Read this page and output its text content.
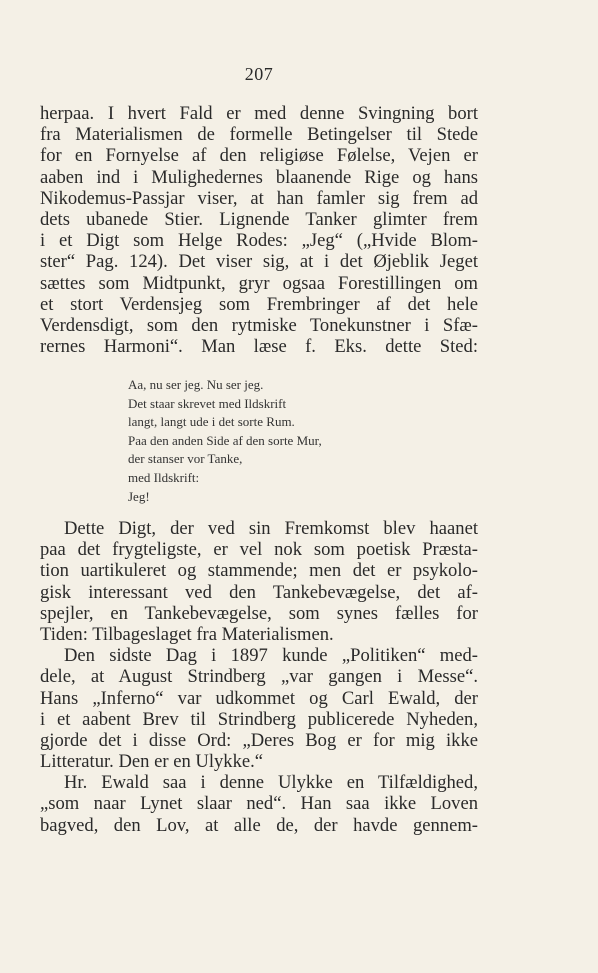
207
herpaa. I hvert Fald er med denne Svingning bort
fra Materialismen de formelle Betingelser til Stede
for en Fornyelse af den religiøse Følelse, Vejen er
aaben ind i Mulighedernes blaanende Rige og hans
Nikodemus-Passjar viser, at han famler sig frem ad
dets ubanede Stier. Lignende Tanker glimter frem
i et Digt som Helge Rodes: „Jeg“ („Hvide Blom-
ster“ Pag. 124). Det viser sig, at i det Øjeblik Jeget
sættes som Midtpunkt, gryr ogsaa Forestillingen om
et stort Verdensjeg som Frembringer af det hele
Verdensdigt, som den rytmiske Tonekunstner i Sfæ-
rernes Harmoni“. Man læse f. Eks. dette Sted:
Aa, nu ser jeg. Nu ser jeg.
Det staar skrevet med Ildskrift
langt, langt ude i det sorte Rum.
Paa den anden Side af den sorte Mur,
der stanser vor Tanke,
med Ildskrift:
Jeg!
Dette Digt, der ved sin Fremkomst blev haanet
paa det frygteligste, er vel nok som poetisk Præsta-
tion uartikuleret og stammende; men det er psykolo-
gisk interessant ved den Tankebevægelse, det af-
spejler, en Tankebevægelse, som synes fælles for
Tiden: Tilbageslaget fra Materialismen.
Den sidste Dag i 1897 kunde „Politiken“ med-
dele, at August Strindberg „var gangen i Messe“.
Hans „Inferno“ var udkommet og Carl Ewald, der
i et aabent Brev til Strindberg publicerede Nyheden,
gjorde det i disse Ord: „Deres Bog er for mig ikke
Litteratur. Den er en Ulykke.“
Hr. Ewald saa i denne Ulykke en Tilfældighed,
„som naar Lynet slaar ned“. Han saa ikke Loven
bagved, den Lov, at alle de, der havde gennem-
